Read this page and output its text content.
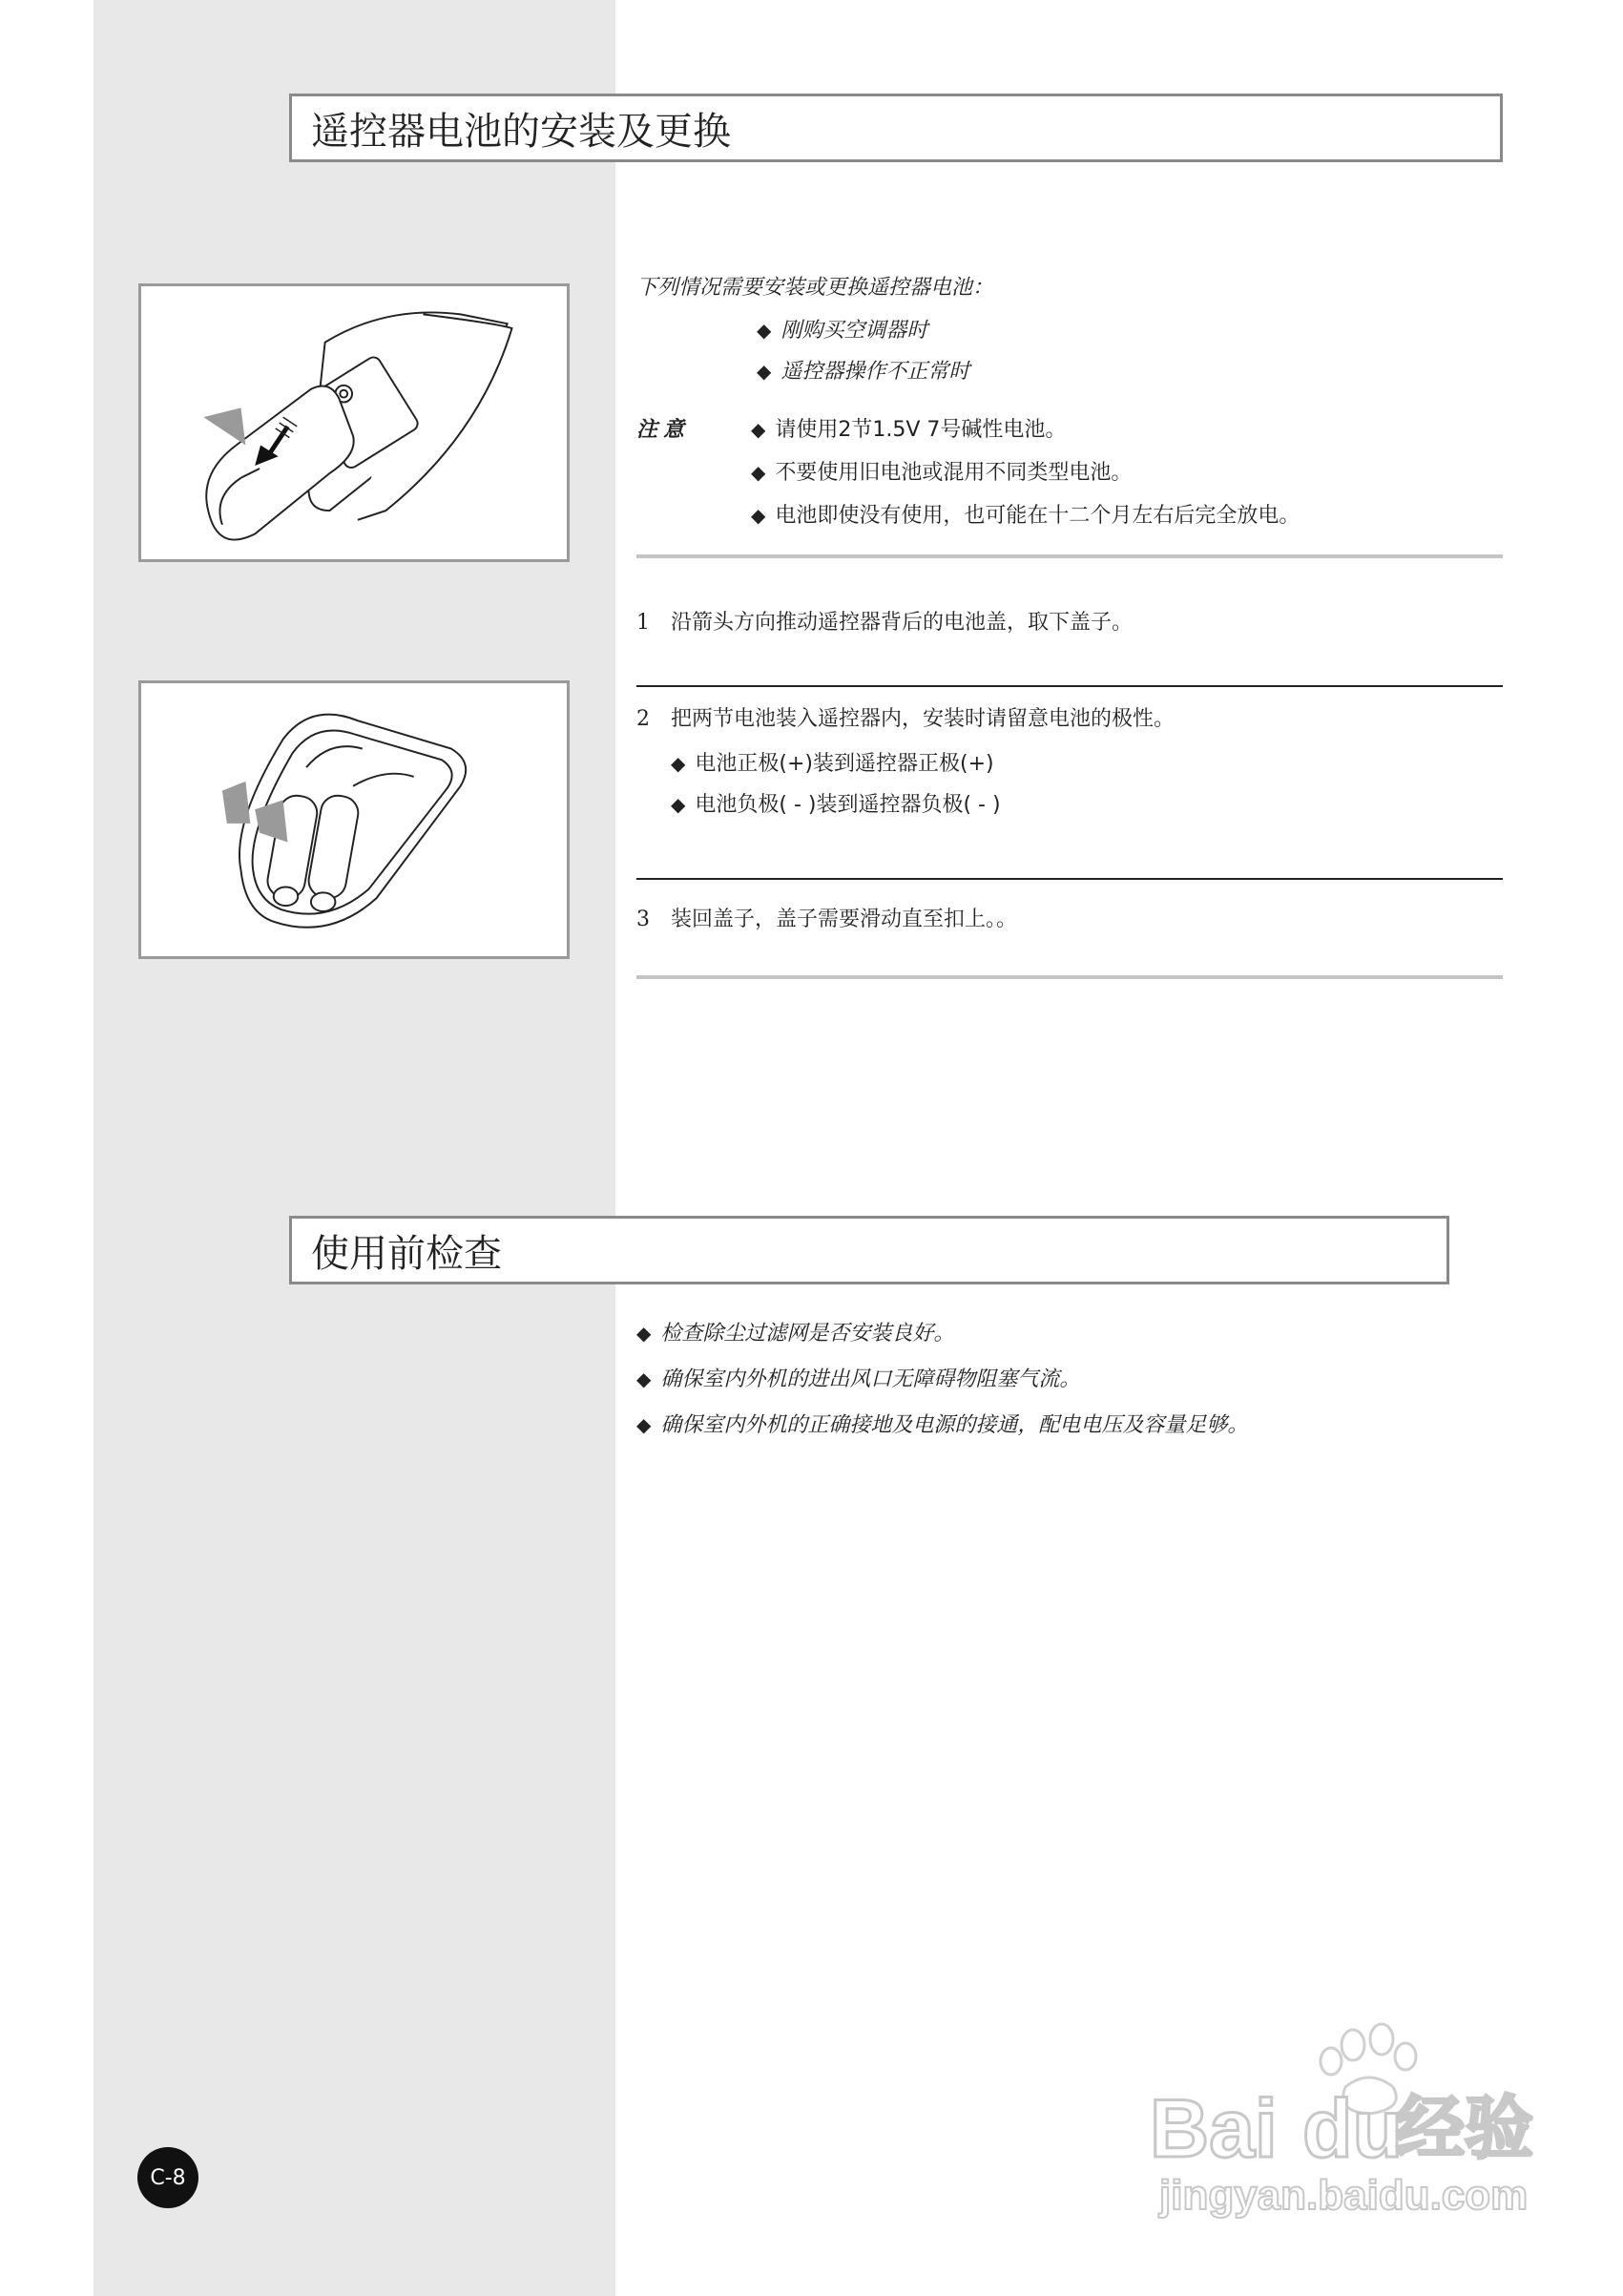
遥控器电池的安装及更换
下列情况需要安装或更换遥控器电池：
◆ 刚购买空调器时
◆ 遥控器操作不正常时
注意	◆ 请使用2节1.5V 7号碱性电池。
◆ 不要使用旧电池或混用不同类型电池。
◆ 电池即使没有使用，也可能在十二个月左右后完全放电。
1 沿箭头方向推动遥控器背后的电池盖，取下盖子。
2 把两节电池装入遥控器内，安装时请留意电池的极性。
◆ 电池正极(+)装到遥控器正极(+)
◆ 电池负极( - )装到遥控器负极( - )
3 装回盖子，盖子需要滑动直至扣上。。
使用前检查
◆ 检查除尘过滤网是否安装良好。
◆ 确保室内外机的进出风口无障碍物阻塞气流。
◆ 确保室内外机的正确接地及电源的接通，配电电压及容量足够。
C-8
Bai du
经验
jingyan.baidu.com
